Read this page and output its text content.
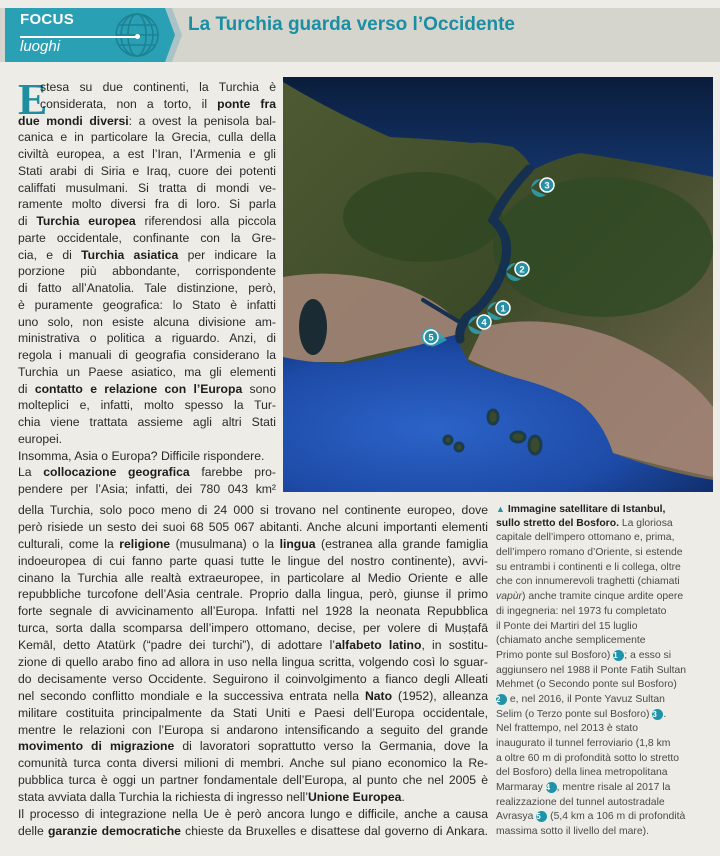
FOCUS
luoghi
La Turchia guarda verso l’Occidente
E
stesa su due continenti, la Turchia è
considerata, non a torto, il ponte fra
due mondi diversi: a ovest la penisola bal-
canica e in particolare la Grecia, culla della
civiltà europea, a est l’Iran, l’Armenia e gli
Stati arabi di Siria e Iraq, cuore dei potenti
califfati musulmani. Si tratta di mondi ve-
ramente molto diversi fra di loro. Si parla
di Turchia europea riferendosi alla piccola
parte occidentale, confinante con la Gre-
cia, e di Turchia asiatica per indicare la
porzione più abbondante, corrispondente
di fatto all’Anatolia. Tale distinzione, però,
è puramente geografica: lo Stato è infatti
uno solo, non esiste alcuna divisione am-
ministrativa o politica a riguardo. Anzi, di
regola i manuali di geografia considerano la
Turchia un Paese asiatico, ma gli elementi
di contatto e relazione con l’Europa sono
molteplici e, infatti, molto spesso la Tur-
chia viene trattata assieme agli altri Stati
europei.
Insomma, Asia o Europa? Difficile rispondere.
La collocazione geografica farebbe pro-
pendere per l’Asia; infatti, dei 780 043 km²
della Turchia, solo poco meno di 24 000 si trovano nel continente europeo, dove
però risiede un sesto dei suoi 68 505 067 abitanti. Anche alcuni importanti elementi
culturali, come la religione (musulmana) o la lingua (estranea alla grande famiglia
indoeuropea di cui fanno parte quasi tutte le lingue del nostro continente), avvi-
cinano la Turchia alle realtà extraeuropee, in particolare al Medio Oriente e alle
repubbliche turcofone dell’Asia centrale. Proprio dalla lingua, però, giunse il primo
forte segnale di avvicinamento all’Europa. Infatti nel 1928 la neonata Repubblica
turca, sorta dalla scomparsa dell’impero ottomano, decise, per volere di Muṣṭafā
Kemāl, detto Atatürk (“padre dei turchi”), di adottare l’alfabeto latino, in sostitu-
zione di quello arabo fino ad allora in uso nella lingua scritta, volgendo così lo sguar-
do decisamente verso Occidente. Seguirono il coinvolgimento a fianco degli Alleati
nel secondo conflitto mondiale e la successiva entrata nella Nato (1952), alleanza
militare costituita principalmente da Stati Uniti e Paesi dell’Europa occidentale,
mentre le relazioni con l’Europa si andarono intensificando a seguito del grande
movimento di migrazione di lavoratori soprattutto verso la Germania, dove la
comunità turca conta diversi milioni di membri. Anche sul piano economico la Re-
pubblica turca è oggi un partner fondamentale dell’Europa, al punto che nel 2005 è
stata avviata dalla Turchia la richiesta di ingresso nell’Unione Europea.
Il processo di integrazione nella Ue è però ancora lungo e difficile, anche a causa
delle garanzie democratiche chieste da Bruxelles e disattese dal governo di Ankara.
▲ Immagine satellitare di Istanbul,
sullo stretto del Bosforo. La gloriosa
capitale dell’impero ottomano e, prima,
dell’impero romano d’Oriente, si estende
su entrambi i continenti e li collega, oltre
che con innumerevoli traghetti (chiamati
vapùr) anche tramite cinque ardite opere
di ingegneria: nel 1973 fu completato
il Ponte dei Martiri del 15 luglio
(chiamato anche semplicemente
Primo ponte sul Bosforo) 1 ; a esso si
aggiunsero nel 1988 il Ponte Fatih Sultan
Mehmet (o Secondo ponte sul Bosforo)
2 e, nel 2016, il Ponte Yavuz Sultan
Selim (o Terzo ponte sul Bosforo) 3 .
Nel frattempo, nel 2013 è stato
inaugurato il tunnel ferroviario (1,8 km
a oltre 60 m di profondità sotto lo stretto
del Bosforo) della linea metropolitana
Marmaray 4 , mentre risale al 2017 la
realizzazione del tunnel autostradale
Avrasya 5 (5,4 km a 106 m di profondità
massima sotto il livello del mare).
1
2
3
4
5
